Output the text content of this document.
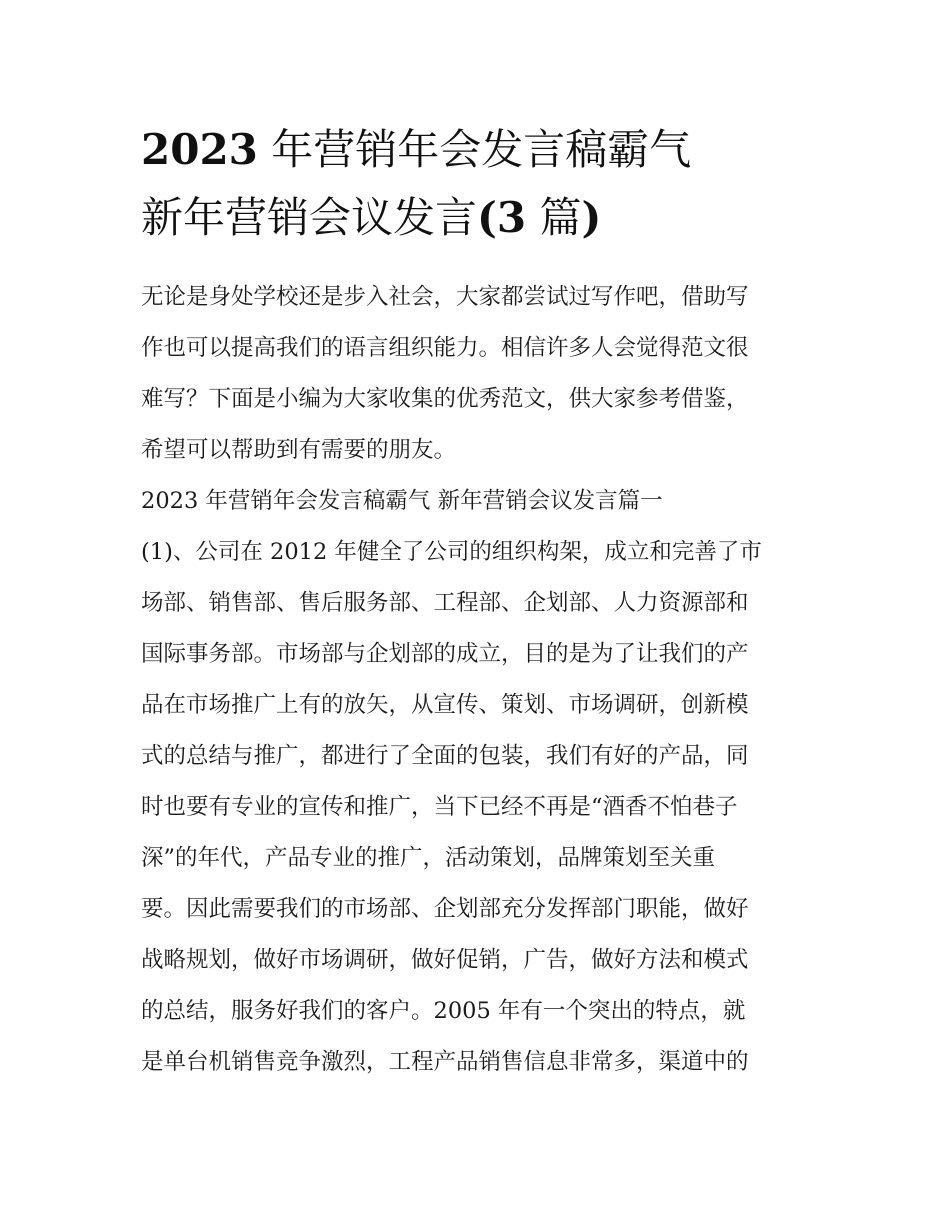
2023 年营销年会发言稿霸气
新年营销会议发言(3 篇)
无论是身处学校还是步入社会，大家都尝试过写作吧，借助写
作也可以提高我们的语言组织能力。相信许多人会觉得范文很
难写？下面是小编为大家收集的优秀范文，供大家参考借鉴，
希望可以帮助到有需要的朋友。
2023 年营销年会发言稿霸气 新年营销会议发言篇一
(1)、公司在 2012 年健全了公司的组织构架，成立和完善了市
场部、销售部、售后服务部、工程部、企划部、人力资源部和
国际事务部。市场部与企划部的成立，目的是为了让我们的产
品在市场推广上有的放矢，从宣传、策划、市场调研，创新模
式的总结与推广，都进行了全面的包装，我们有好的产品，同
时也要有专业的宣传和推广，当下已经不再是“酒香不怕巷子
深”的年代，产品专业的推广，活动策划，品牌策划至关重
要。因此需要我们的市场部、企划部充分发挥部门职能，做好
战略规划，做好市场调研，做好促销，广告，做好方法和模式
的总结，服务好我们的客户。2005 年有一个突出的特点，就
是单台机销售竞争激烈，工程产品销售信息非常多，渠道中的
